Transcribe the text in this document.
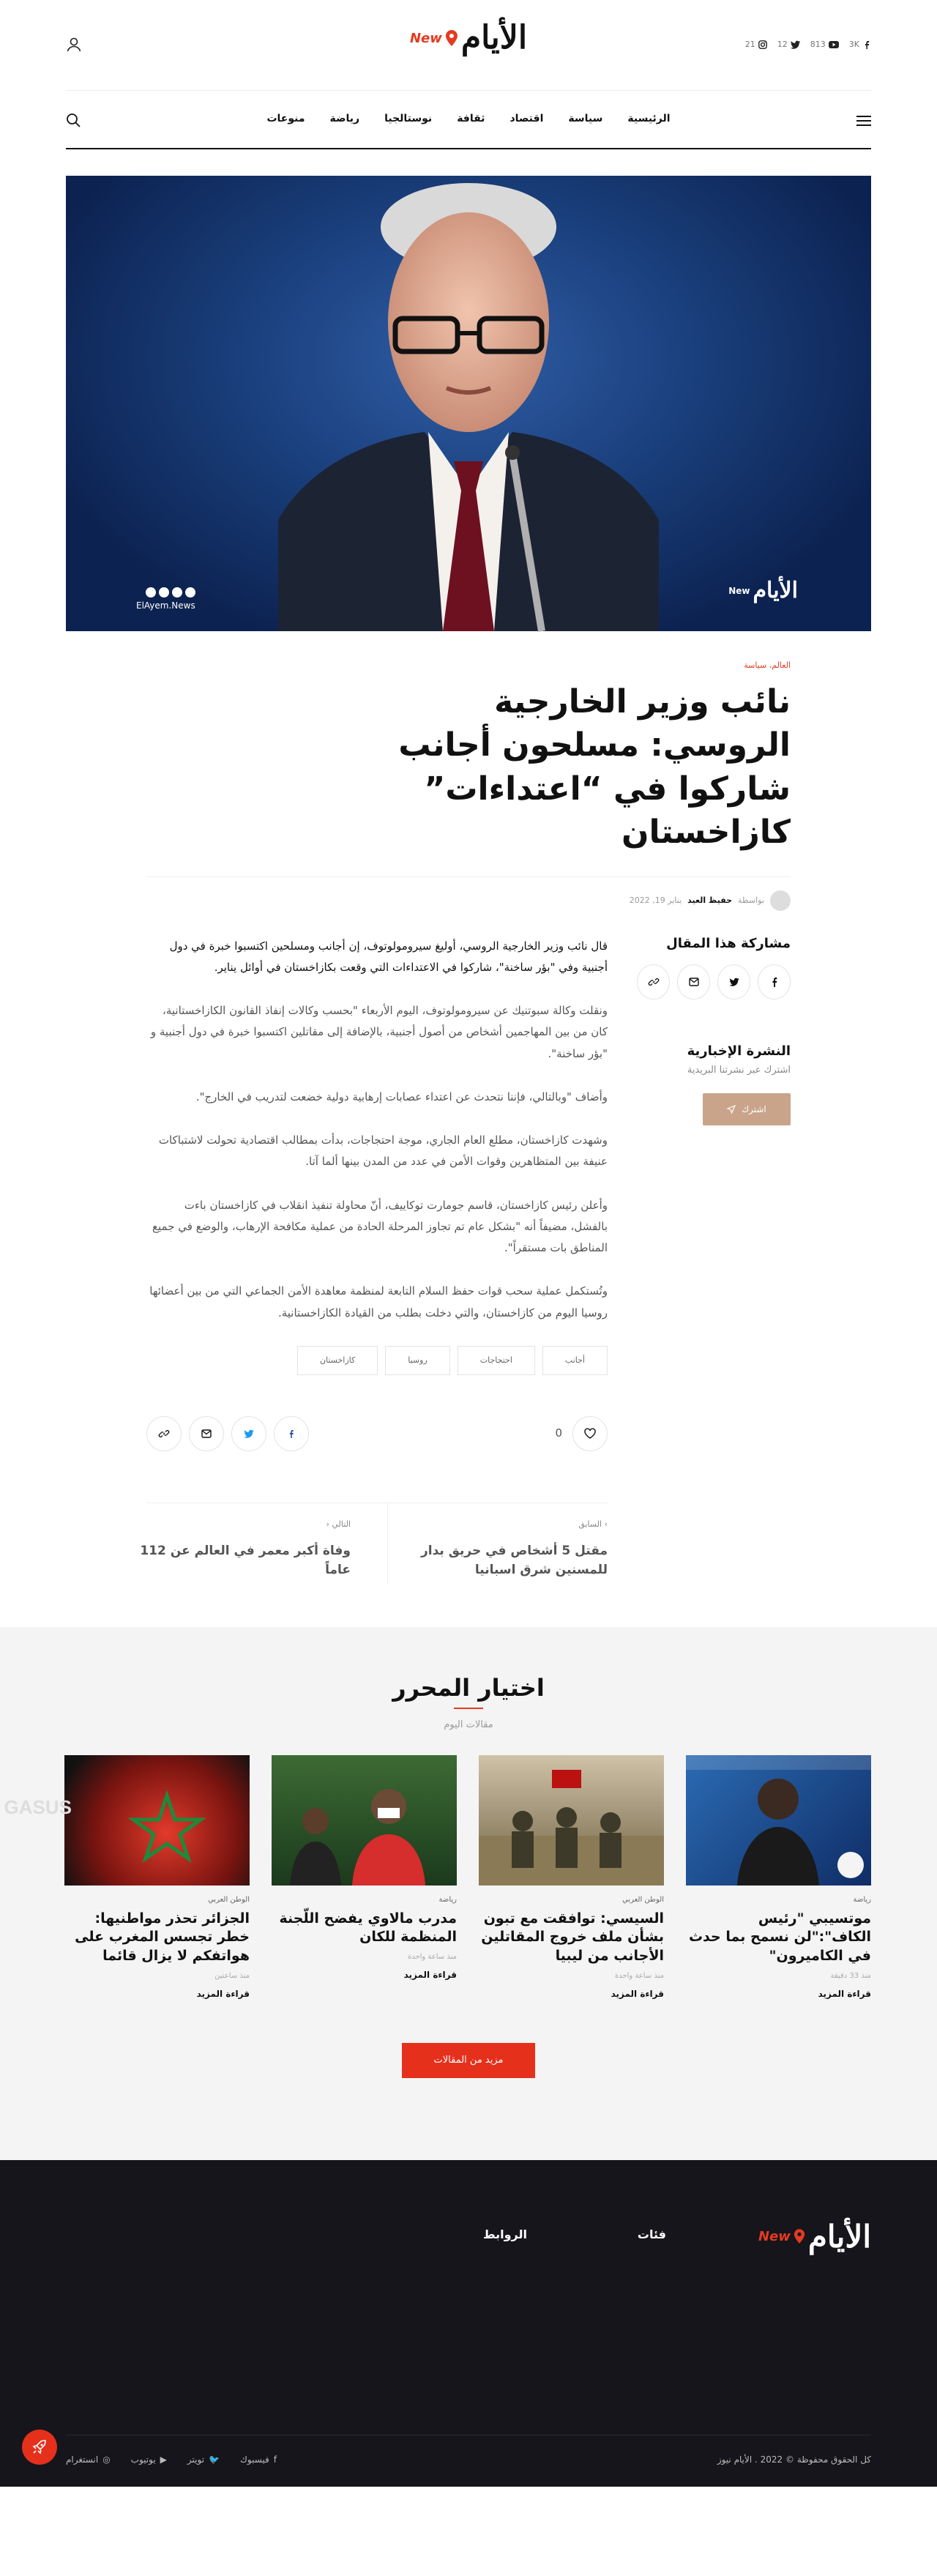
3K
813
12
21
الأيام
New
الرئيسية
سياسة
اقتصاد
ثقافة
نوستالجيا
رياضة
منوعات
الأيام
New
ElAyem.News
العالم، سياسة
نائب وزير الخارجية الروسي: مسلحون أجانب شاركوا في “اعتداءات” كازاخستان
بواسطة
حفيظ العيد
يناير 19, 2022
مشاركة هذا المقال
النشرة الإخبارية

اشترك عبر نشرتنا البريدية

اشترك

قال نائب وزير الخارجية الروسي، أوليغ سيرومولوتوف، إن أجانب ومسلحين اكتسبوا خبرة في دول أجنبية وفي "بؤر ساخنة"، شاركوا في الاعتداءات التي وقعت بكازاخستان في أوائل يناير.

ونقلت وكالة سبوتنيك عن سيرومولوتوف، اليوم الأربعاء "بحسب وكالات إنفاذ القانون الكازاخستانية، كان من بين المهاجمين أشخاص من أصول أجنبية، بالإضافة إلى مقاتلين اكتسبوا خبرة في دول أجنبية و "بؤر ساخنة".

وأضاف "وبالتالي، فإننا نتحدث عن اعتداء عصابات إرهابية دولية خضعت لتدريب في الخارج".

وشهدت كازاخستان، مطلع العام الجاري، موجة احتجاجات، بدأت بمطالب اقتصادية تحولت لاشتباكات عنيفة بين المتظاهرين وقوات الأمن في عدد من المدن بينها ألما آتا.

وأعلن رئيس كازاخستان، قاسم جومارت توكاييف، أنّ محاولة تنفيذ انقلاب في كازاخستان باءت بالفشل، مضيفاً أنه "بشكل عام تم تجاوز المرحلة الحادة من عملية مكافحة الإرهاب، والوضع في جميع المناطق بات مستقراً".

وتُستكمل عملية سحب قوات حفظ السلام التابعة لمنظمة معاهدة الأمن الجماعي التي من بين أعضائها روسيا اليوم من كازاخستان، والتي دخلت بطلب من القيادة الكازاخستانية.

أجانب
احتجاجات
روسيا
كازاخستان
0
› السابق
مقتل 5 أشخاص في حريق بدار للمسنين شرق اسبانيا
التالي ‹
وفاة أكبر معمر في العالم عن 112 عاماً
اختيار المحرر
مقالات اليوم
رياضة
موتسيبي "رئيس الكاف":"لن نسمح بما حدث في الكاميرون"
منذ 33 دقيقة
قراءة المزيد
الوطن العربي
السيسي: توافقت مع تبون بشأن ملف خروج المقاتلين الأجانب من ليبيا
منذ ساعة واحدة
قراءة المزيد
رياضة
مدرب مالاوي يفضح اللّجنة المنظمة للكان
منذ ساعة واحدة
قراءة المزيد
GASUS
الوطن العربي
الجزائر تحذر مواطنيها: خطر تجسس المغرب على هواتفكم لا يزال قائما
منذ ساعتين
قراءة المزيد
مزيد من المقالات
الأيام
New
فئات
الروابط
كل الحقوق محفوظة © 2022 . الأيام نيوز
f
فيسبوك
🐦
تويتر
▶
يوتيوب
◎
انستغرام
